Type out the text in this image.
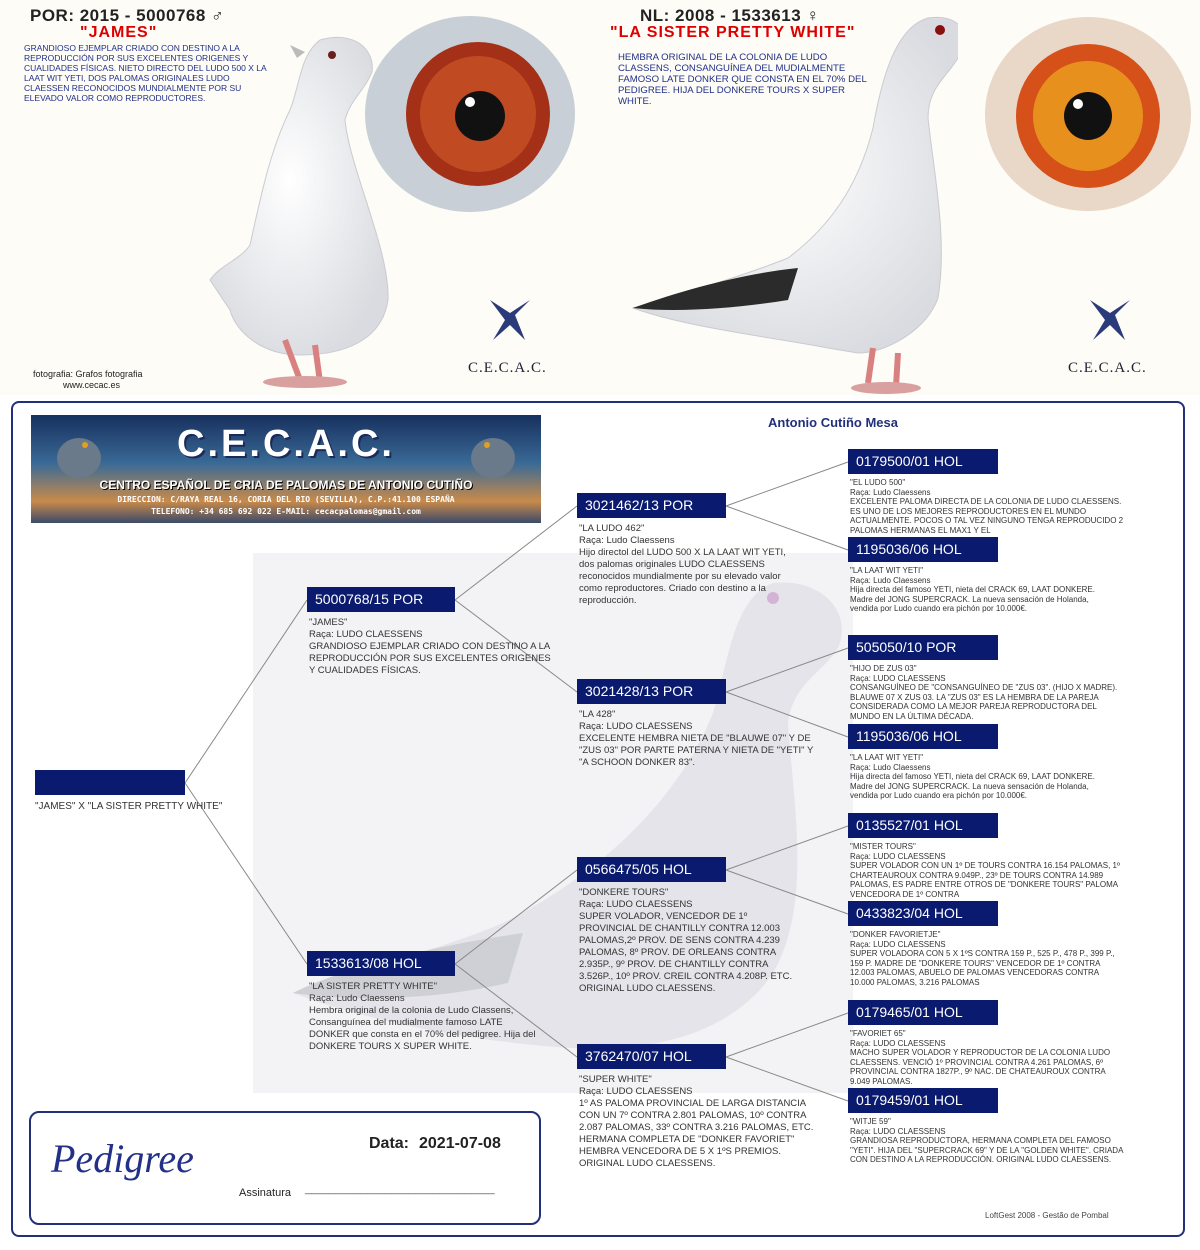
POR: 2015 - 5000768 ♂
"JAMES"
GRANDIOSO EJEMPLAR CRIADO CON DESTINO A LA REPRODUCCIÓN POR SUS EXCELENTES ORIGENES Y CUALIDADES FÍSICAS. NIETO DIRECTO DEL LUDO 500 X LA LAAT WIT YETI, DOS PALOMAS ORIGINALES LUDO CLAESSEN RECONOCIDOS MUNDIALMENTE POR SU ELEVADO VALOR COMO REPRODUCTORES.
fotografia: Grafos fotografia
www.cecac.es
C.E.C.A.C.
NL: 2008 - 1533613 ♀
"LA SISTER PRETTY WHITE"
HEMBRA ORIGINAL DE LA COLONIA DE LUDO CLASSENS, CONSANGUÍNEA DEL MUDIALMENTE FAMOSO LATE DONKER QUE CONSTA EN EL 70% DEL PEDIGREE. HIJA DEL DONKERE TOURS X SUPER WHITE.
C.E.C.A.C.
C.E.C.A.C.
CENTRO ESPAÑOL DE CRIA DE PALOMAS DE ANTONIO CUTIÑO
DIRECCION: C/RAYA REAL 16, CORIA DEL RIO (SEVILLA), C.P.:41.100 ESPAÑA
TELEFONO: +34 685 692 022 E-MAIL: cecacpalomas@gmail.com
Antonio Cutiño Mesa
"JAMES" X "LA SISTER PRETTY WHITE"
5000768/15 POR
"JAMES"
Raça: LUDO CLAESSENS
GRANDIOSO EJEMPLAR CRIADO CON DESTINO A LA REPRODUCCIÓN POR SUS EXCELENTES ORIGENES Y CUALIDADES FÍSICAS.
1533613/08 HOL
"LA SISTER PRETTY WHITE"
Raça: Ludo Claessens
Hembra original de la colonia de Ludo Classens, Consanguínea del mudialmente famoso LATE DONKER que consta en el 70% del pedigree. Hija del DONKERE TOURS X SUPER WHITE.
3021462/13 POR
"LA LUDO 462"
Raça: Ludo Claessens
Hijo directol del LUDO 500 X LA LAAT WIT YETI, dos palomas originales LUDO CLAESSENS reconocidos mundialmente por su elevado valor como reproductores. Criado con destino a la reproducción.
3021428/13 POR
"LA 428"
Raça: LUDO CLAESSENS
EXCELENTE HEMBRA NIETA DE "BLAUWE 07" Y DE "ZUS 03" POR PARTE PATERNA Y NIETA DE "YETI" Y "A SCHOON DONKER 83".
0566475/05 HOL
"DONKERE TOURS"
Raça: LUDO CLAESSENS
SUPER VOLADOR, VENCEDOR DE 1º PROVINCIAL DE CHANTILLY CONTRA 12.003 PALOMAS,2º PROV. DE SENS CONTRA 4.239 PALOMAS, 8º PROV. DE ORLEANS CONTRA 2.935P., 9º PROV. DE CHANTILLY CONTRA 3.526P., 10º PROV. CREIL CONTRA 4.208P. ETC. ORIGINAL LUDO CLAESSENS.
3762470/07 HOL
"SUPER WHITE"
Raça: LUDO CLAESSENS
1º AS PALOMA PROVINCIAL DE LARGA DISTANCIA CON UN 7º CONTRA 2.801 PALOMAS, 10º CONTRA 2.087 PALOMAS, 33º CONTRA 3.216 PALOMAS, ETC. HERMANA COMPLETA DE "DONKER FAVORIET" HEMBRA VENCEDORA DE 5 X 1ºS PREMIOS. ORIGINAL LUDO CLAESSENS.
0179500/01 HOL
"EL LUDO 500"
Raça: Ludo Claessens
EXCELENTE PALOMA DIRECTA DE LA COLONIA DE LUDO CLAESSENS. ES UNO DE LOS MEJORES REPRODUCTORES EN EL MUNDO ACTUALMENTE. POCOS O TAL VEZ NINGUNO TENGA REPRODUCIDO 2 PALOMAS HERMANAS EL MAX1 Y EL
1195036/06 HOL
"LA LAAT WIT YETI"
Raça: Ludo Claessens
Hija directa del famoso YETI, nieta del CRACK 69, LAAT DONKERE. Madre del JONG SUPERCRACK. La nueva sensación de Holanda, vendida por Ludo cuando era pichón por 10.000€.
505050/10 POR
"HIJO DE ZUS 03"
Raça: LUDO CLAESSENS
CONSANGUÍNEO DE "CONSANGUÍNEO DE "ZUS 03". (HIJO X MADRE). BLAUWE 07 X ZUS 03. LA "ZUS 03" ES LA HEMBRA DE LA PAREJA CONSIDERADA COMO LA MEJOR PAREJA REPRODUCTORA DEL MUNDO EN LA ÚLTIMA DÉCADA.
1195036/06 HOL
"LA LAAT WIT YETI"
Raça: Ludo Claessens
Hija directa del famoso YETI, nieta del CRACK 69, LAAT DONKERE. Madre del JONG SUPERCRACK. La nueva sensación de Holanda, vendida por Ludo cuando era pichón por 10.000€.
0135527/01 HOL
"MISTER TOURS"
Raça: LUDO CLAESSENS
SUPER VOLADOR CON UN 1º DE TOURS CONTRA 16.154 PALOMAS, 1º CHARTEAUROUX CONTRA 9.049P., 23º DE TOURS CONTRA 14.989 PALOMAS, ES PADRE ENTRE OTROS DE "DONKERE TOURS" PALOMA VENCEDORA DE 1º CONTRA
0433823/04 HOL
"DONKER FAVORIETJE"
Raça: LUDO CLAESSENS
SUPER VOLADORA CON 5 X 1ºS CONTRA 159 P., 525 P., 478 P., 399 P., 159 P. MADRE DE "DONKERE TOURS" VENCEDOR DE 1º CONTRA 12.003 PALOMAS, ABUELO DE PALOMAS VENCEDORAS CONTRA 10.000 PALOMAS, 3.216 PALOMAS
0179465/01 HOL
"FAVORIET 65"
Raça: LUDO CLAESSENS
MACHO SUPER VOLADOR Y REPRODUCTOR DE LA COLONIA LUDO CLAESSENS. VENCIÓ 1º PROVINCIAL CONTRA 4.261 PALOMAS, 6º PROVINCIAL CONTRA 1827P., 9º NAC. DE CHATEAUROUX CONTRA 9.049 PALOMAS.
0179459/01 HOL
"WITJE 59"
Raça: LUDO CLAESSENS
GRANDIOSA REPRODUCTORA, HERMANA COMPLETA DEL FAMOSO "YETI". HIJA DEL "SUPERCRACK 69" Y DE LA "GOLDEN WHITE". CRIADA CON DESTINO A LA REPRODUCCIÓN. ORIGINAL LUDO CLAESSENS.
Pedigree	Data: 2021-07-08
Assinatura _______________________________
LoftGest 2008 - Gestão de Pombal
